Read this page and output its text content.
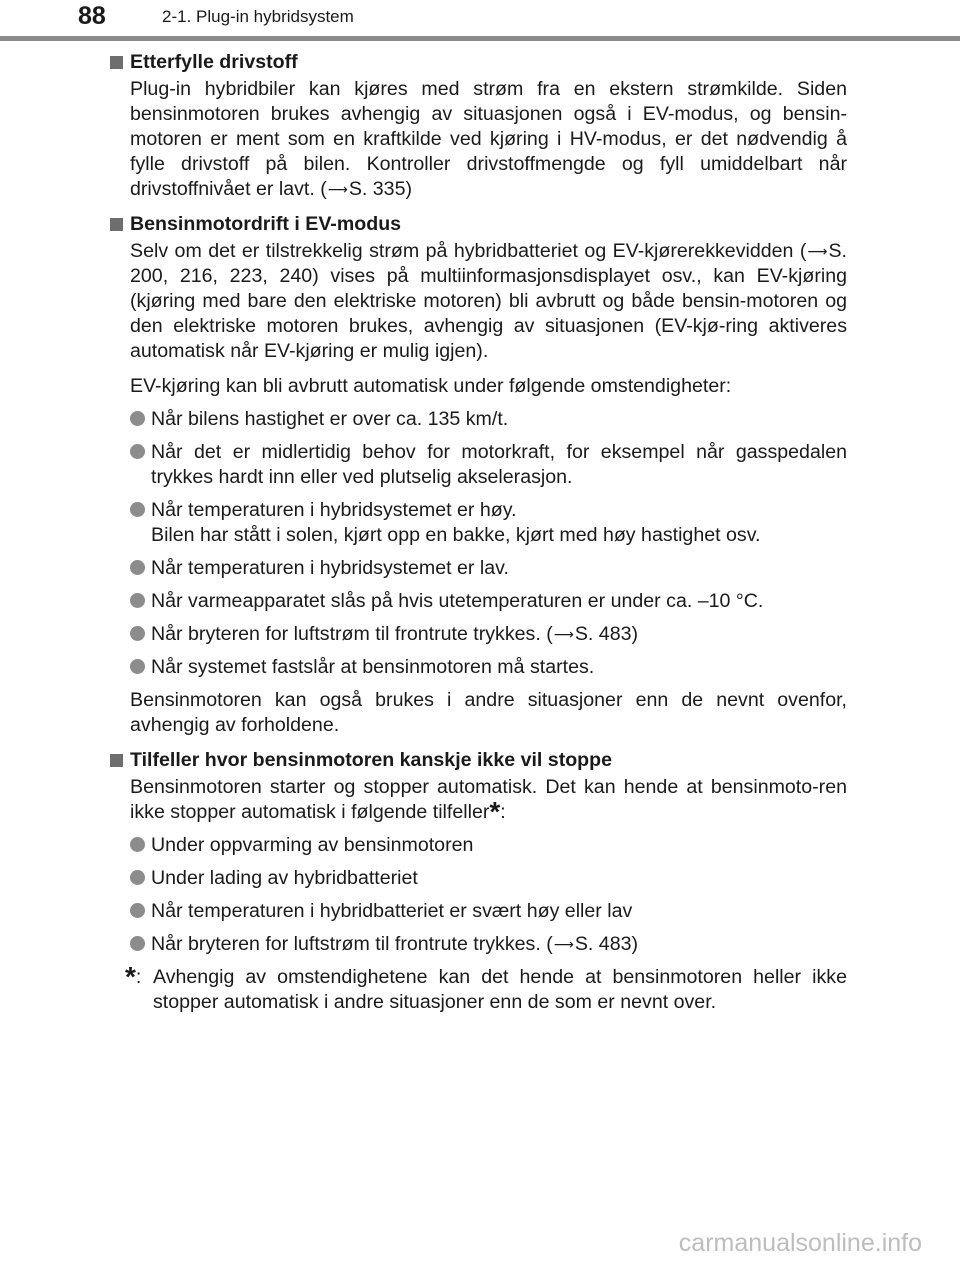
88	2-1. Plug-in hybridsystem
Etterfylle drivstoff

Plug-in hybridbiler kan kjøres med strøm fra en ekstern strømkilde. Siden bensinmotoren brukes avhengig av situasjonen også i EV-modus, og bensin-motoren er ment som en kraftkilde ved kjøring i HV-modus, er det nødvendig å fylle drivstoff på bilen. Kontroller drivstoffmengde og fyll umiddelbart når drivstoffnivået er lavt. (⟶S. 335)

Bensinmotordrift i EV-modus

Selv om det er tilstrekkelig strøm på hybridbatteriet og EV-kjørerekkevidden (⟶S. 200, 216, 223, 240) vises på multiinformasjonsdisplayet osv., kan EV-kjøring (kjøring med bare den elektriske motoren) bli avbrutt og både bensin-motoren og den elektriske motoren brukes, avhengig av situasjonen (EV-kjø-ring aktiveres automatisk når EV-kjøring er mulig igjen).

EV-kjøring kan bli avbrutt automatisk under følgende omstendigheter:

Når bilens hastighet er over ca. 135 km/t.
Når det er midlertidig behov for motorkraft, for eksempel når gasspedalen trykkes hardt inn eller ved plutselig akselerasjon.
Når temperaturen i hybridsystemet er høy.
Bilen har stått i solen, kjørt opp en bakke, kjørt med høy hastighet osv.
Når temperaturen i hybridsystemet er lav.
Når varmeapparatet slås på hvis utetemperaturen er under ca. –10 °C.
Når bryteren for luftstrøm til frontrute trykkes. (⟶S. 483)
Når systemet fastslår at bensinmotoren må startes.

Bensinmotoren kan også brukes i andre situasjoner enn de nevnt ovenfor, avhengig av forholdene.

Tilfeller hvor bensinmotoren kanskje ikke vil stoppe

Bensinmotoren starter og stopper automatisk. Det kan hende at bensinmoto-ren ikke stopper automatisk i følgende tilfeller*:

Under oppvarming av bensinmotoren
Under lading av hybridbatteriet
Når temperaturen i hybridbatteriet er svært høy eller lav
Når bryteren for luftstrøm til frontrute trykkes. (⟶S. 483)
*: Avhengig av omstendighetene kan det hende at bensinmotoren heller ikke stopper automatisk i andre situasjoner enn de som er nevnt over.
carmanualsonline.info
